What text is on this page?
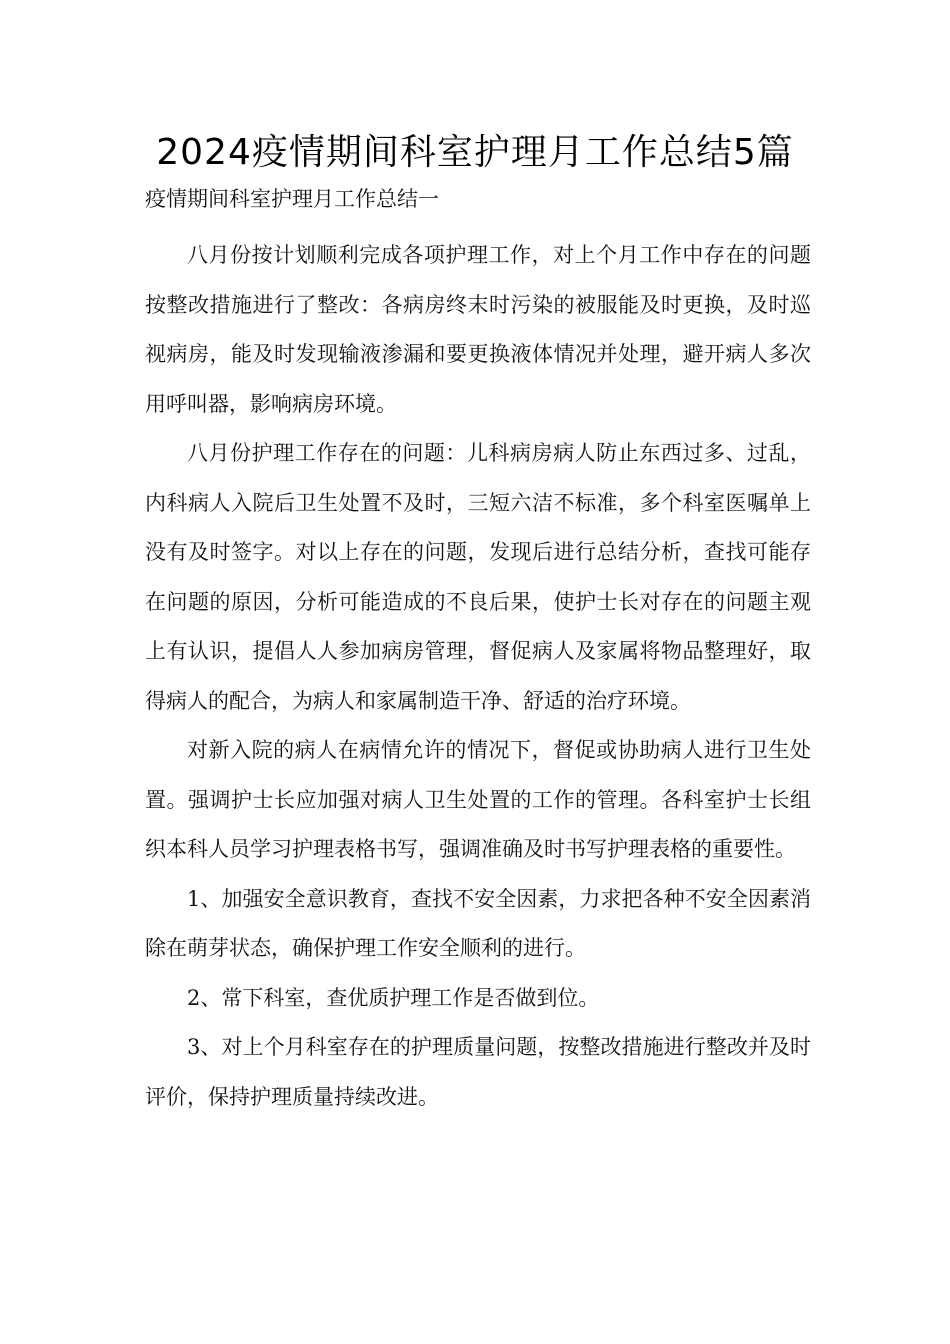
2024疫情期间科室护理月工作总结5篇
疫情期间科室护理月工作总结一

八月份按计划顺利完成各项护理工作，对上个月工作中存在的问题按整改措施进行了整改：各病房终末时污染的被服能及时更换，及时巡视病房，能及时发现输液渗漏和要更换液体情况并处理，避开病人多次用呼叫器，影响病房环境。

八月份护理工作存在的问题：儿科病房病人防止东西过多、过乱，内科病人入院后卫生处置不及时，三短六洁不标准，多个科室医嘱单上没有及时签字。对以上存在的问题，发现后进行总结分析，查找可能存在问题的原因，分析可能造成的不良后果，使护士长对存在的问题主观上有认识，提倡人人参加病房管理，督促病人及家属将物品整理好，取得病人的配合，为病人和家属制造干净、舒适的治疗环境。

对新入院的病人在病情允许的情况下，督促或协助病人进行卫生处置。强调护士长应加强对病人卫生处置的工作的管理。各科室护士长组织本科人员学习护理表格书写，强调准确及时书写护理表格的重要性。

1、加强安全意识教育，查找不安全因素，力求把各种不安全因素消除在萌芽状态，确保护理工作安全顺利的进行。

2、常下科室，查优质护理工作是否做到位。

3、对上个月科室存在的护理质量问题，按整改措施进行整改并及时评价，保持护理质量持续改进。
